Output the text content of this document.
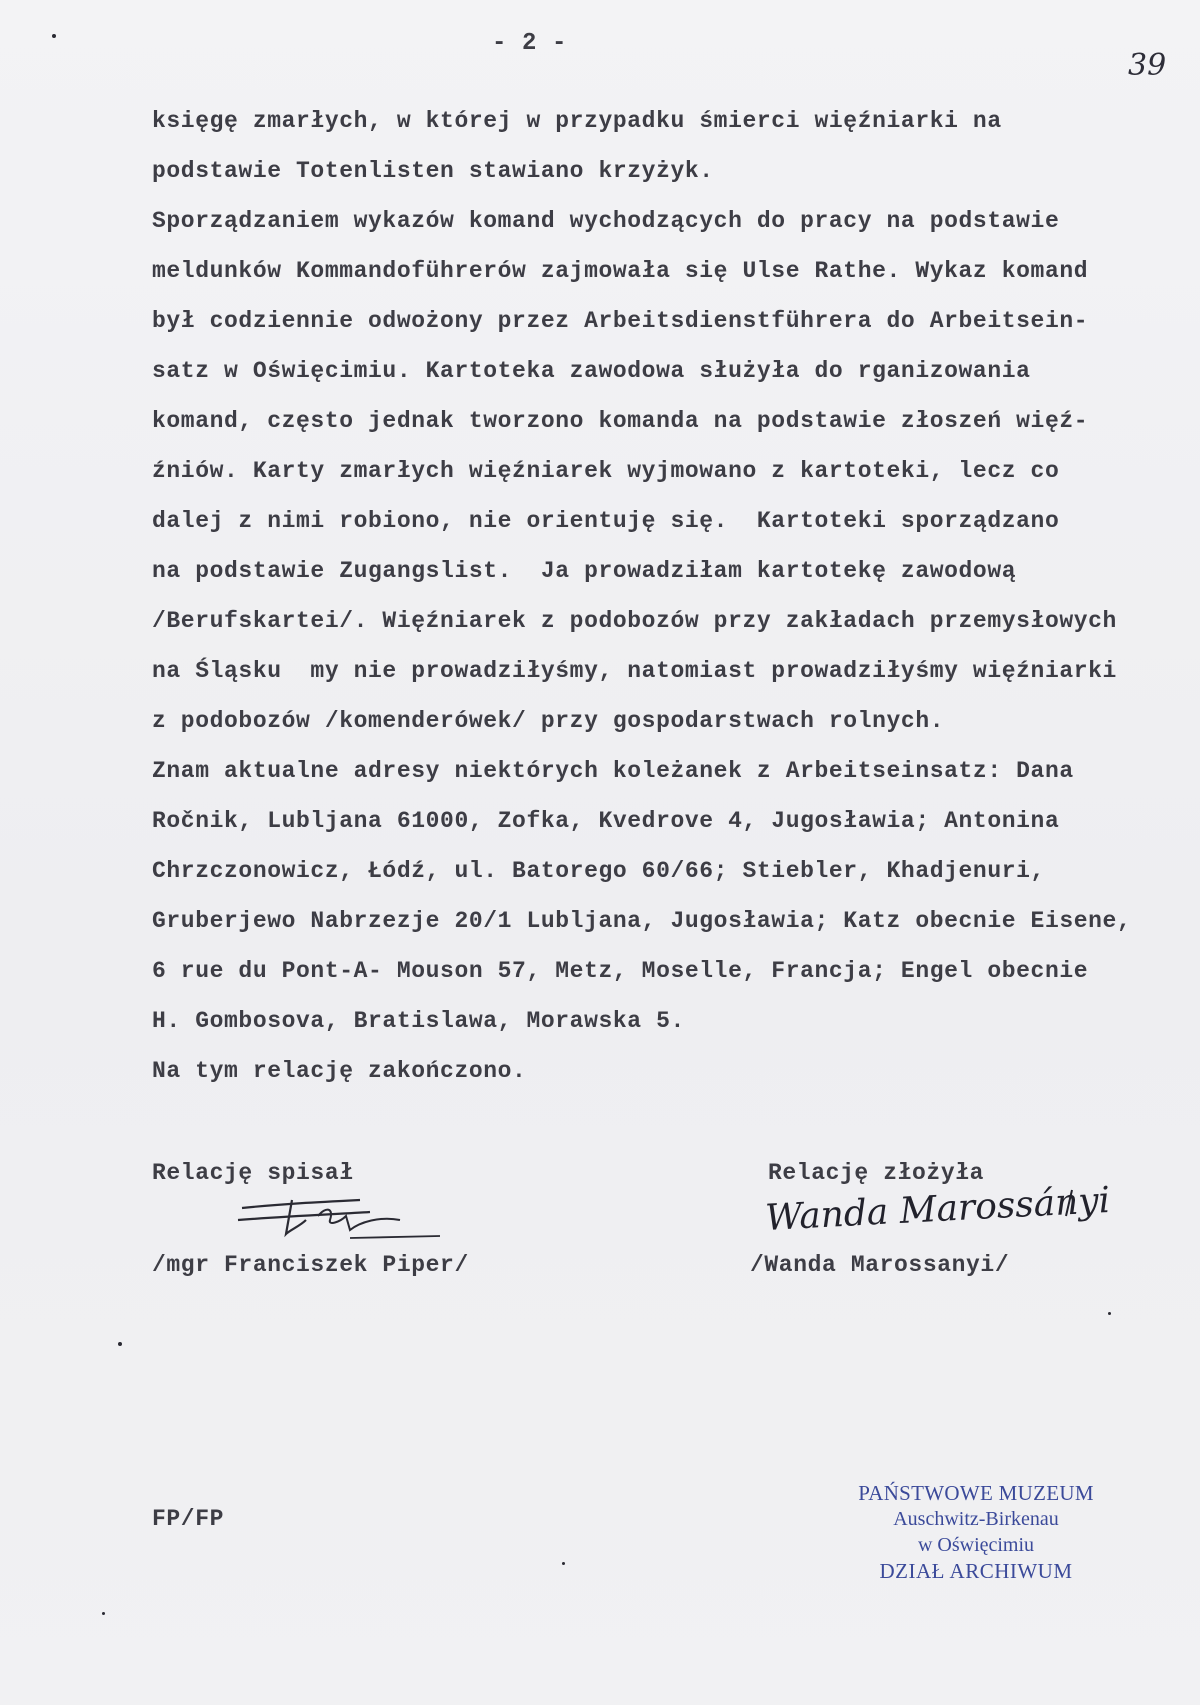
- 2 -
39
księgę zmarłych, w której w przypadku śmierci więźniarki na
podstawie Totenlisten stawiano krzyżyk.
Sporządzaniem wykazów komand wychodzących do pracy na podstawie
meldunków Kommandoführerów zajmowała się Ulse Rathe. Wykaz komand
był codziennie odwożony przez Arbeitsdienstführera do Arbeitsein-
satz w Oświęcimiu. Kartoteka zawodowa służyła do rganizowania
komand, często jednak tworzono komanda na podstawie złoszeń więź-
źniów. Karty zmarłych więźniarek wyjmowano z kartoteki, lecz co
dalej z nimi robiono, nie orientuję się.  Kartoteki sporządzano
na podstawie Zugangslist.  Ja prowadziłam kartotekę zawodową
/Berufskartei/. Więźniarek z podobozów przy zakładach przemysłowych
na Śląsku  my nie prowadziłyśmy, natomiast prowadziłyśmy więźniarki
z podobozów /komenderówek/ przy gospodarstwach rolnych.
Znam aktualne adresy niektórych koleżanek z Arbeitseinsatz: Dana
Ročnik, Lubljana 61000, Zofka, Kvedrove 4, Jugosławia; Antonina
Chrzczonowicz, Łódź, ul. Batorego 60/66; Stiebler, Khadjenuri,
Gruberjewo Nabrzezje 20/1 Lubljana, Jugosławia; Katz obecnie Eisene,
6 rue du Pont-A- Mouson 57, Metz, Moselle, Francja; Engel obecnie
H. Gombosova, Bratislawa, Morawska 5.
Na tym relację zakończono.
Relację spisał
/mgr Franciszek Piper/
Relację złożyła
Wanda Marossányi
/Wanda Marossanyi/
FP/FP
PAŃSTWOWE MUZEUM
Auschwitz-Birkenau
w Oświęcimiu
DZIAŁ ARCHIWUM
